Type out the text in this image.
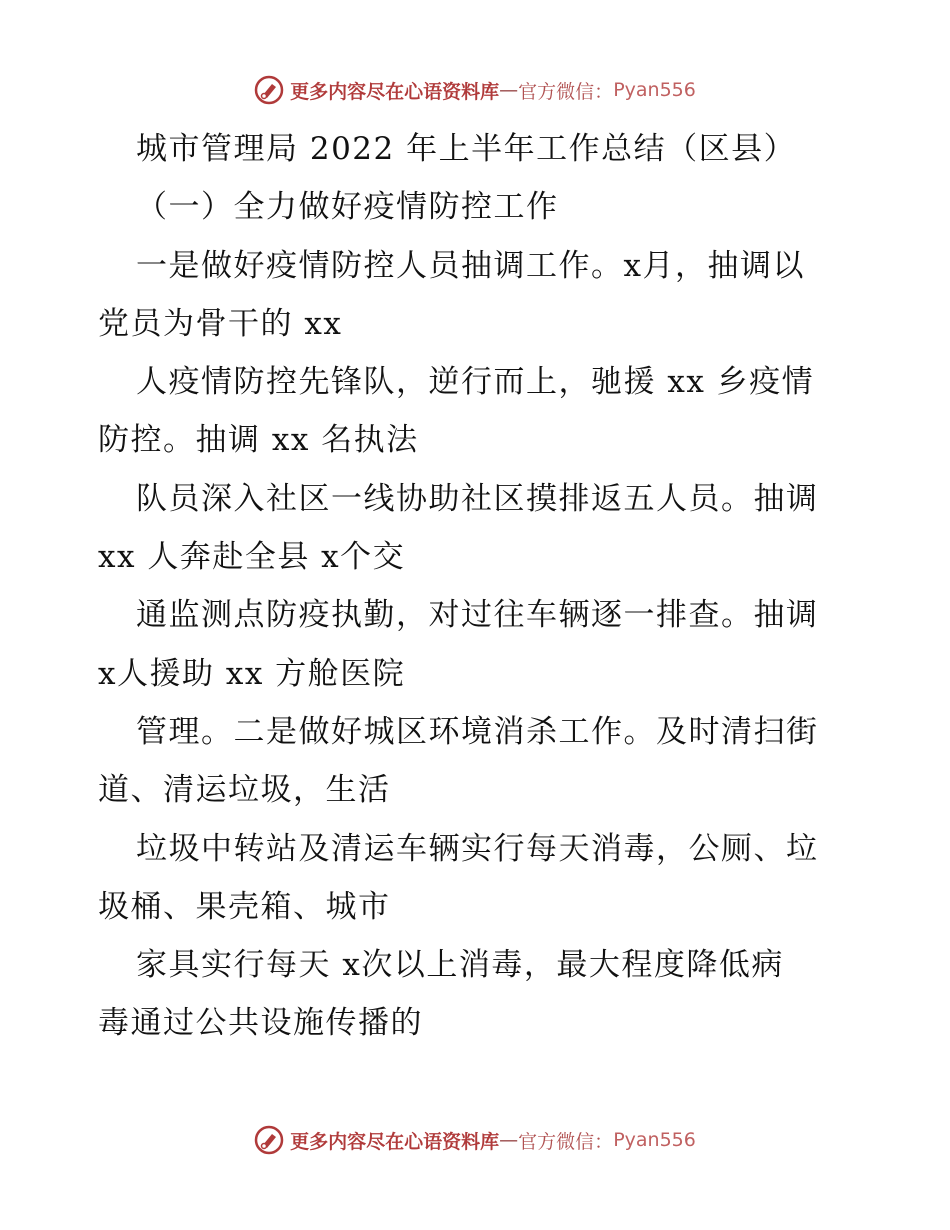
更多内容尽在心语资料库 — 官方微信： Pyan556
城市管理局 2022 年上半年工作总结（区县）
（一）全力做好疫情防控工作
一是做好疫情防控人员抽调工作。x月，抽调以
党员为骨干的 xx
人疫情防控先锋队，逆行而上，驰援 xx 乡疫情
防控。抽调 xx 名执法
队员深入社区一线协助社区摸排返五人员。抽调
xx 人奔赴全县 x个交
通监测点防疫执勤，对过往车辆逐一排查。抽调
x人援助 xx 方舱医院
管理。二是做好城区环境消杀工作。及时清扫街
道、清运垃圾，生活
垃圾中转站及清运车辆实行每天消毒，公厕、垃
圾桶、果壳箱、城市
家具实行每天 x次以上消毒，最大程度降低病
毒通过公共设施传播的
更多内容尽在心语资料库 — 官方微信： Pyan556
